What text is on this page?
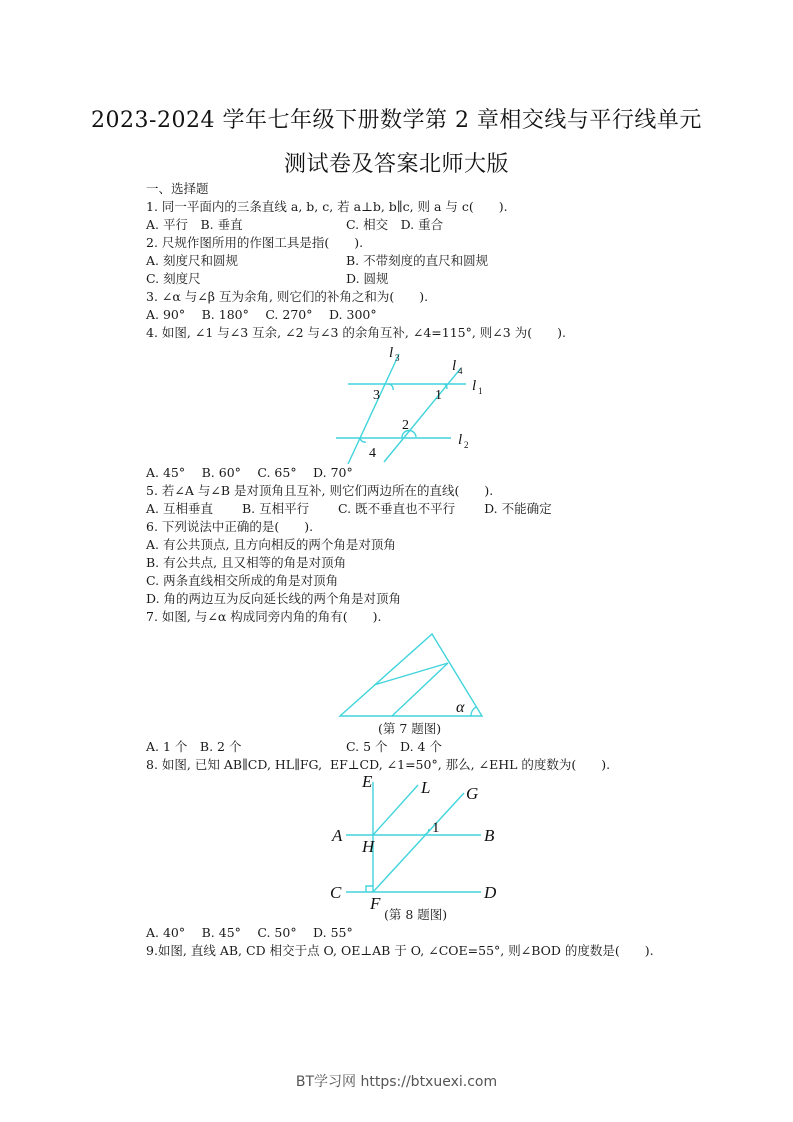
2023-2024 学年七年级下册数学第 2 章相交线与平行线单元
测试卷及答案北师大版
一、选择题
1. 同一平面内的三条直线 a, b, c, 若 a⊥b, b∥c, 则 a 与 c(　　).
A. 平行　B. 垂直	C. 相交　D. 重合
2. 尺规作图所用的作图工具是指(　　).
A. 刻度尺和圆规	B. 不带刻度的直尺和圆规
C. 刻度尺	D. 圆规
3. ∠α 与∠β 互为余角, 则它们的补角之和为(　　).
A. 90°　 B. 180°　 C. 270°　 D. 300°
4. 如图, ∠1 与∠3 互余, ∠2 与∠3 的余角互补, ∠4=115°, 则∠3 为(　　).
l 3	l 4
l 1
l 2
3	1
2
4
A. 45°　 B. 60°　 C. 65°　 D. 70°
5. 若∠A 与∠B 是对顶角且互补, 则它们两边所在的直线(　　).
A. 互相垂直　　 B. 互相平行　　 C. 既不垂直也不平行　　 D. 不能确定
6. 下列说法中正确的是(　　).
A. 有公共顶点, 且方向相反的两个角是对顶角
B. 有公共点, 且又相等的角是对顶角
C. 两条直线相交所成的角是对顶角
D. 角的两边互为反向延长线的两个角是对顶角
7. 如图, 与∠α 构成同旁内角的角有(　　).
α
(第 7 题图)
A. 1 个　B. 2 个	C. 5 个　D. 4 个
8. 如图, 已知 AB∥CD, HL∥FG,  EF⊥CD, ∠1=50°, 那么, ∠EHL 的度数为(　　).
E	L G
1
A
H
B
C
F
D
(第 8 题图)
A. 40°　 B. 45°　 C. 50°　 D. 55°
9.如图, 直线 AB, CD 相交于点 O, OE⊥AB 于 O, ∠COE=55°, 则∠BOD 的度数是(　　).
BT学习网 https://btxuexi.com
